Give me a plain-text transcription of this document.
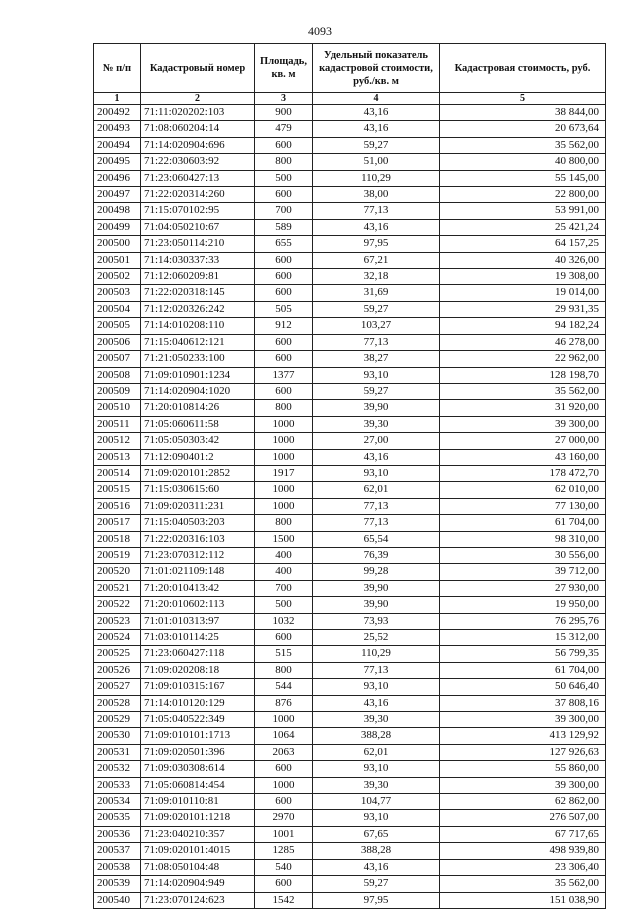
4093
№ п/п	Кадастровый номер	Площадь, кв. м	Удельный показатель кадастровой стоимости, руб./кв. м	Кадастровая стоимость, руб.
1	2	3	4	5
200492	71:11:020202:103	900	43,16	38 844,00
200493	71:08:060204:14	479	43,16	20 673,64
200494	71:14:020904:696	600	59,27	35 562,00
200495	71:22:030603:92	800	51,00	40 800,00
200496	71:23:060427:13	500	110,29	55 145,00
200497	71:22:020314:260	600	38,00	22 800,00
200498	71:15:070102:95	700	77,13	53 991,00
200499	71:04:050210:67	589	43,16	25 421,24
200500	71:23:050114:210	655	97,95	64 157,25
200501	71:14:030337:33	600	67,21	40 326,00
200502	71:12:060209:81	600	32,18	19 308,00
200503	71:22:020318:145	600	31,69	19 014,00
200504	71:12:020326:242	505	59,27	29 931,35
200505	71:14:010208:110	912	103,27	94 182,24
200506	71:15:040612:121	600	77,13	46 278,00
200507	71:21:050233:100	600	38,27	22 962,00
200508	71:09:010901:1234	1377	93,10	128 198,70
200509	71:14:020904:1020	600	59,27	35 562,00
200510	71:20:010814:26	800	39,90	31 920,00
200511	71:05:060611:58	1000	39,30	39 300,00
200512	71:05:050303:42	1000	27,00	27 000,00
200513	71:12:090401:2	1000	43,16	43 160,00
200514	71:09:020101:2852	1917	93,10	178 472,70
200515	71:15:030615:60	1000	62,01	62 010,00
200516	71:09:020311:231	1000	77,13	77 130,00
200517	71:15:040503:203	800	77,13	61 704,00
200518	71:22:020316:103	1500	65,54	98 310,00
200519	71:23:070312:112	400	76,39	30 556,00
200520	71:01:021109:148	400	99,28	39 712,00
200521	71:20:010413:42	700	39,90	27 930,00
200522	71:20:010602:113	500	39,90	19 950,00
200523	71:01:010313:97	1032	73,93	76 295,76
200524	71:03:010114:25	600	25,52	15 312,00
200525	71:23:060427:118	515	110,29	56 799,35
200526	71:09:020208:18	800	77,13	61 704,00
200527	71:09:010315:167	544	93,10	50 646,40
200528	71:14:010120:129	876	43,16	37 808,16
200529	71:05:040522:349	1000	39,30	39 300,00
200530	71:09:010101:1713	1064	388,28	413 129,92
200531	71:09:020501:396	2063	62,01	127 926,63
200532	71:09:030308:614	600	93,10	55 860,00
200533	71:05:060814:454	1000	39,30	39 300,00
200534	71:09:010110:81	600	104,77	62 862,00
200535	71:09:020101:1218	2970	93,10	276 507,00
200536	71:23:040210:357	1001	67,65	67 717,65
200537	71:09:020101:4015	1285	388,28	498 939,80
200538	71:08:050104:48	540	43,16	23 306,40
200539	71:14:020904:949	600	59,27	35 562,00
200540	71:23:070124:623	1542	97,95	151 038,90
